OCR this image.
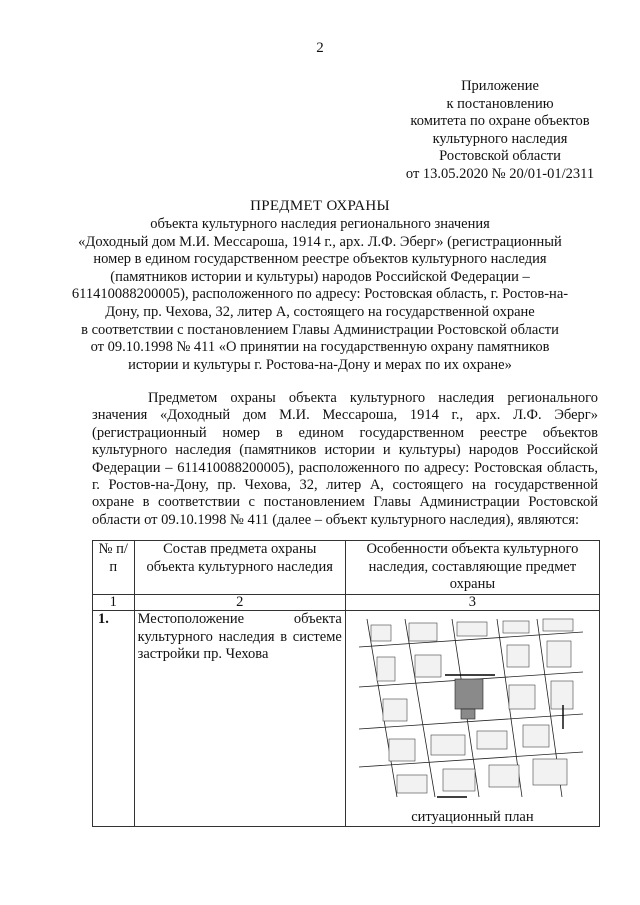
2
Приложение
к постановлению
комитета по охране объектов
культурного наследия
Ростовской области
от 13.05.2020 № 20/01-01/2311
ПРЕДМЕТ ОХРАНЫ
объекта культурного наследия регионального значения
«Доходный дом М.И. Мессароша, 1914 г., арх. Л.Ф. Эберг» (регистрационный
номер в едином государственном реестре объектов культурного наследия
(памятников истории и культуры) народов Российской Федерации –
611410088200005), расположенного по адресу: Ростовская область, г. Ростов-на-
Дону, пр. Чехова, 32, литер А, состоящего на государственной охране
в соответствии с постановлением Главы Администрации Ростовской области
от 09.10.1998 № 411 «О принятии на государственную охрану памятников
истории и культуры г. Ростова-на-Дону и мерах по их охране»
Предметом охраны объекта культурного наследия регионального значения «Доходный дом М.И. Мессароша, 1914 г., арх. Л.Ф. Эберг» (регистрационный номер в едином государственном реестре объектов культурного наследия (памятников истории и культуры) народов Российской Федерации – 611410088200005), расположенного по адресу: Ростовская область, г. Ростов-на-Дону, пр. Чехова, 32, литер А, состоящего на государственной охране в соответствии с постановлением Главы Администрации Ростовской области от 09.10.1998 № 411 (далее – объект культурного наследия), являются:
№ п/п	Состав предмета охраны объекта культурного наследия	Особенности объекта культурного наследия, составляющие предмет охраны
1	2	3
1.	Местоположение объекта культурного наследия в системе застройки пр. Чехова	ситуационный план
